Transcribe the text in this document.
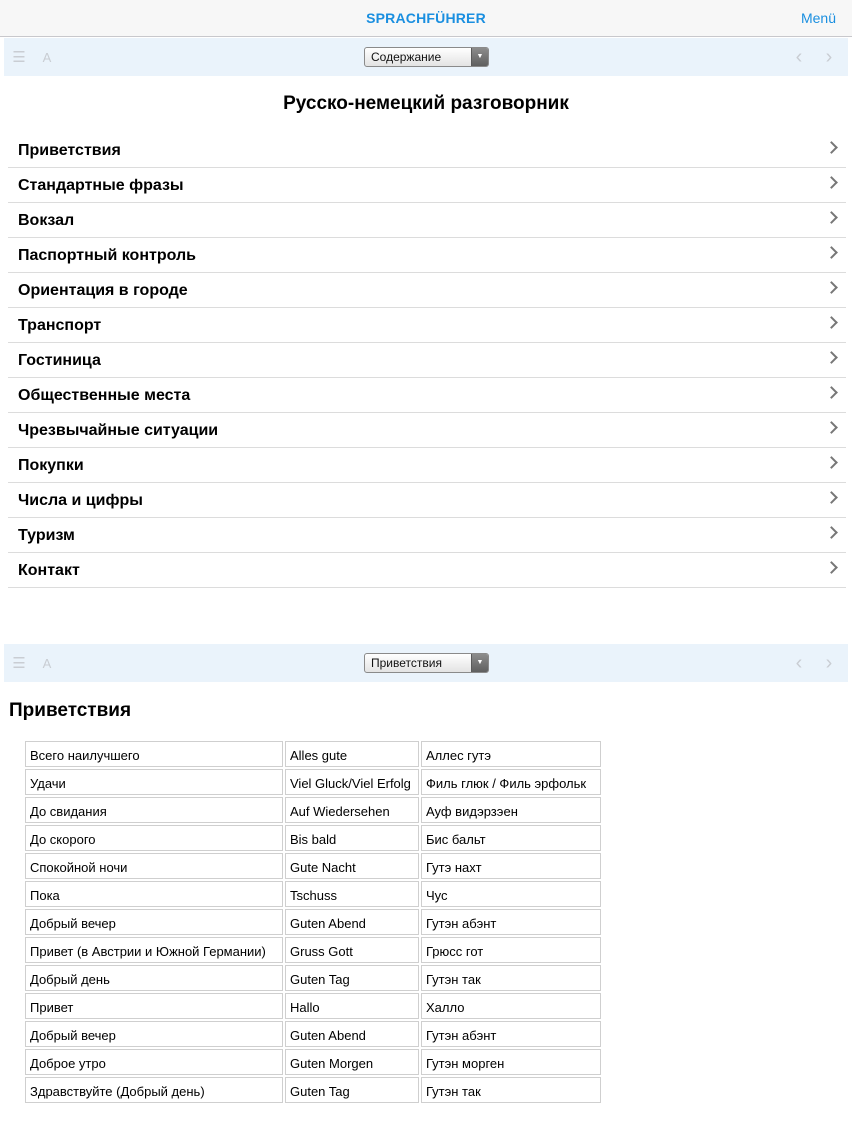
SPRACHFÜHRER	Menü
☰	A	Содержание	▼	‹	›
Русско-немецкий разговорник
Приветствия
Стандартные фразы
Вокзал
Паспортный контроль
Ориентация в городе
Транспорт
Гостиница
Общественные места
Чрезвычайные ситуации
Покупки
Числа и цифры
Туризм
Контакт
☰	A	Приветствия	▼	‹	›
Приветствия
Всего наилучшего	Alles gute	Аллес гутэ
Удачи	Viel Gluck/Viel Erfolg	Филь глюк / Филь эрфольк
До свидания	Auf Wiedersehen	Ауф видэрзэен
До скорого	Bis bald	Бис бальт
Спокойной ночи	Gute Nacht	Гутэ нахт
Пока	Tschuss	Чус
Добрый вечер	Guten Abend	Гутэн абэнт
Привет (в Австрии и Южной Германии)	Gruss Gott	Грюсс гот
Добрый день	Guten Tag	Гутэн так
Привет	Hallo	Халло
Добрый вечер	Guten Abend	Гутэн абэнт
Доброе утро	Guten Morgen	Гутэн морген
Здравствуйте (Добрый день)	Guten Tag	Гутэн так
